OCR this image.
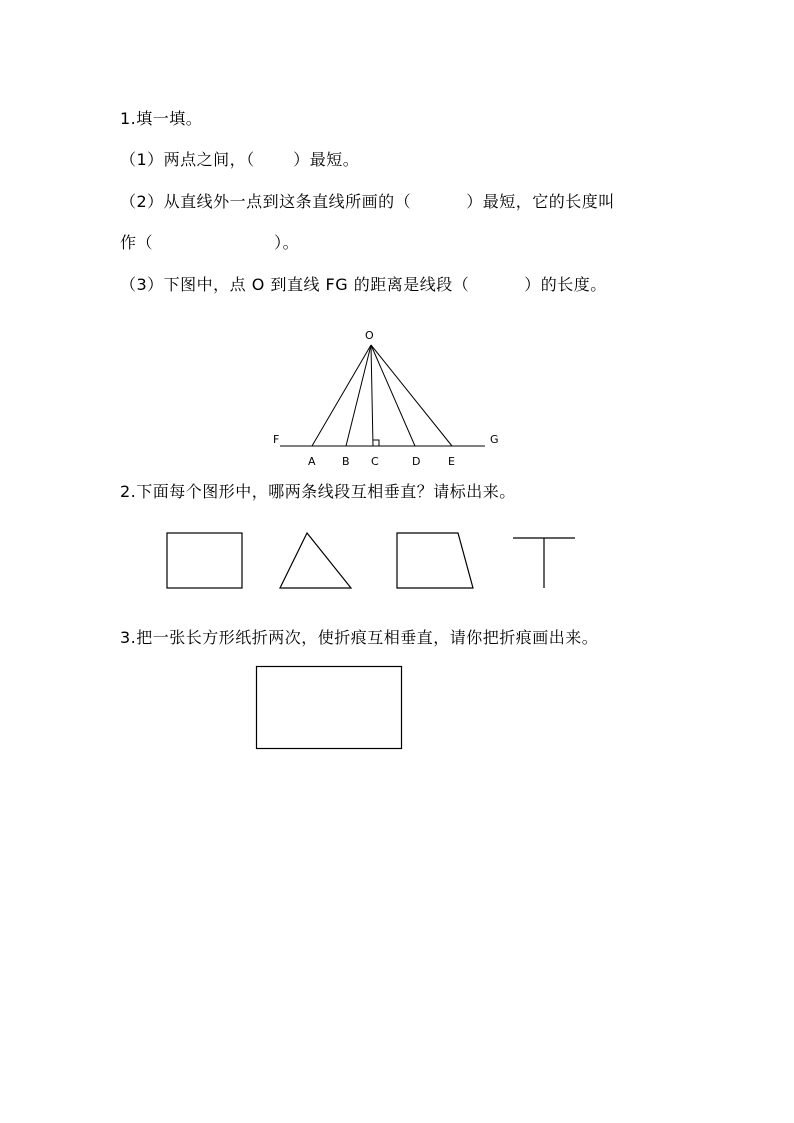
1.填一填。
（1）两点之间，（　　 ）最短。
（2）从直线外一点到这条直线所画的（　　　 ）最短，它的长度叫
作（　　　　　　　 ）。
（3）下图中，点 O 到直线 FG 的距离是线段（　　　 ）的长度。
O
F	G
A B C	D	E
2.下面每个图形中，哪两条线段互相垂直？请标出来。
3.把一张长方形纸折两次，使折痕互相垂直，请你把折痕画出来。
